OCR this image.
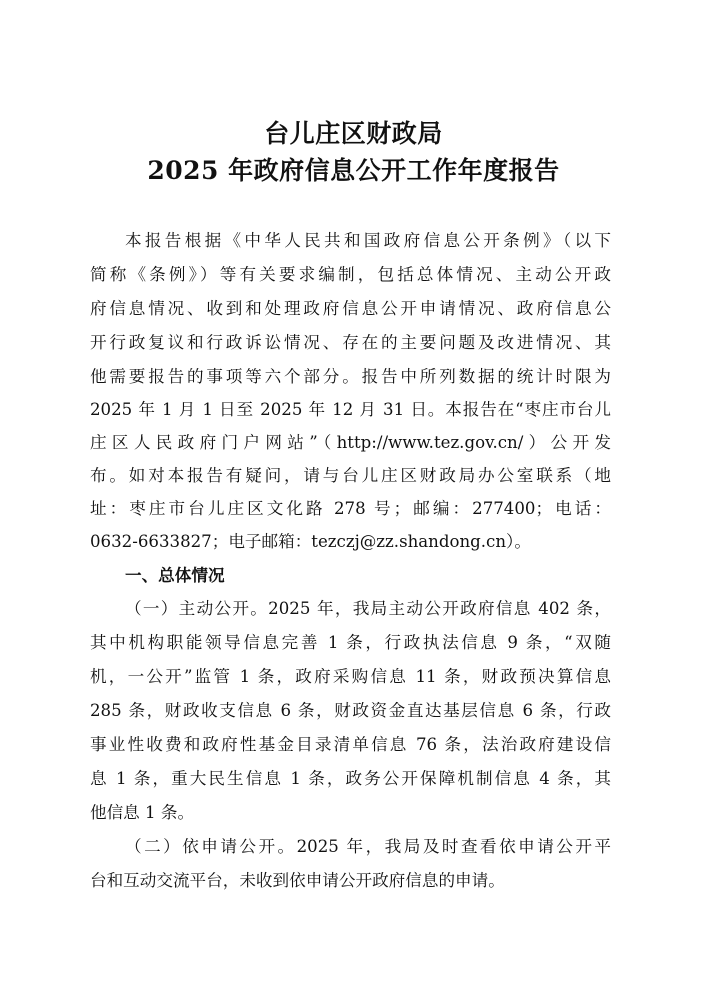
台儿庄区财政局
2025 年政府信息公开工作年度报告
本报告根据《中华人民共和国政府信息公开条例》（以下
简称《条例》）等有关要求编制，包括总体情况、主动公开政
府信息情况、收到和处理政府信息公开申请情况、政府信息公
开行政复议和行政诉讼情况、存在的主要问题及改进情况、其
他需要报告的事项等六个部分。报告中所列数据的统计时限为
2025 年 1 月 1 日至 2025 年 12 月 31 日。本报告在“枣庄市台儿
庄区人民政府门户网站”（http://www.tez.gov.cn/）公开发
布。如对本报告有疑问，请与台儿庄区财政局办公室联系（地
址：枣庄市台儿庄区文化路 278 号；邮编：277400；电话：
0632-6633827；电子邮箱：tezczj@zz.shandong.cn）。
一、总体情况
（一）主动公开。2025 年，我局主动公开政府信息 402 条，
其中机构职能领导信息完善 1 条，行政执法信息 9 条，“双随
机，一公开”监管 1 条，政府采购信息 11 条，财政预决算信息
285 条，财政收支信息 6 条，财政资金直达基层信息 6 条，行政
事业性收费和政府性基金目录清单信息 76 条，法治政府建设信
息 1 条，重大民生信息 1 条，政务公开保障机制信息 4 条，其
他信息 1 条。
（二）依申请公开。2025 年，我局及时查看依申请公开平
台和互动交流平台，未收到依申请公开政府信息的申请。
